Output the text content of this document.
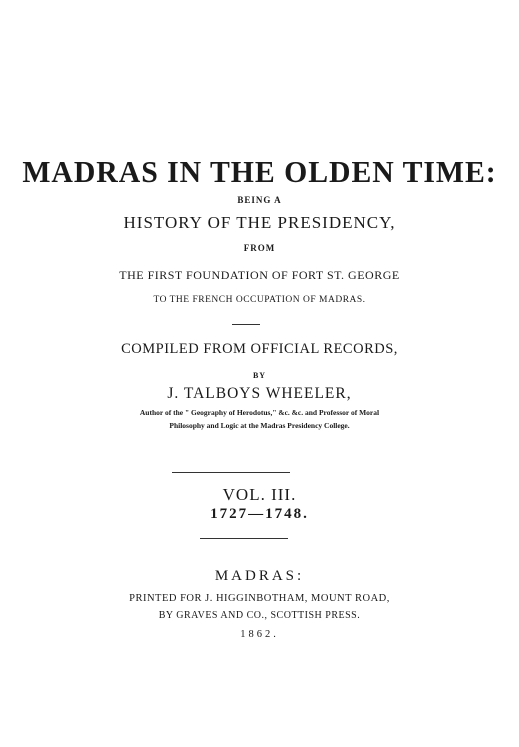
MADRAS IN THE OLDEN TIME:
BEING A
HISTORY OF THE PRESIDENCY,
FROM
THE FIRST FOUNDATION OF FORT ST. GEORGE
TO THE FRENCH OCCUPATION OF MADRAS.
COMPILED FROM OFFICIAL RECORDS,
BY
J. TALBOYS WHEELER,
Author of the " Geography of Herodotus," &c. &c. and Professor of Moral
Philosophy and Logic at the Madras Presidency College.
VOL. III.
1727—1748.
MADRAS:
PRINTED FOR J. HIGGINBOTHAM, MOUNT ROAD,
BY GRAVES AND CO., SCOTTISH PRESS.
1862.
